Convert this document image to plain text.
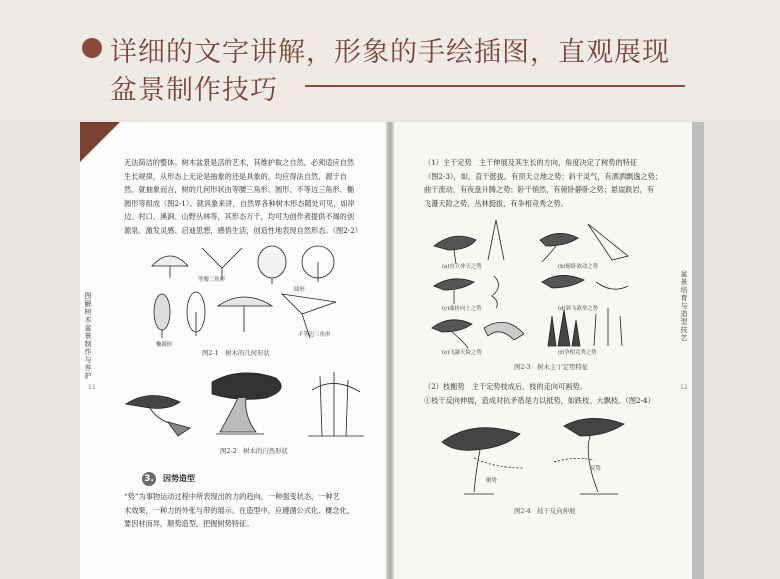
详细的文字讲解，形象的手绘插图，直观展现
盆景制作技巧
图解树木盆景制作与养护
11
无法简洁的整体。树木盆景是活的艺术，其维护取之自然，必须适应自然
生长规律，从形态上无论是抽象的还是具象的，均应得法自然，源于自
然。就抽象而言，树的几何形状由等腰三角形、圆形、不等边三角形、椭
圆形等组成（图2-1）。就具象来讲，自然界各种树木形态随处可见，如岸
边、村口、溪涧、山野丛林等，其形态万千，均可为创作者提供不竭的创
源泉。激发灵感、启迪思想，感悟生活，创造性地表现自然形态。（图2-2）
等腰三角形
圆形
椭圆形
不等边三角形
图2-1　树木的几何形状
图2-2　树木的自然形状
3. 因势造型
“势”为事物运动过程中所表现出的力的趋向，一种强变状态，一种艺
术效果，一种力的外张与带的展示。在造型中，应遵循公式化、概念化，
要因材而异，顺势造型，把握树势特征。
盆景培育与造型技艺
12
（1）主干定势　主干伸展及其生长的方向，角度决定了树势的特征
（图2-3），如，直干挺拔，有顶天立地之势；斜干灵气，有洒洒飘逸之势；
曲干流动，有夜盘升腾之势；卧干悄然，有俯卧静卧之势；悬崖跌岩，有
飞瀑天险之势，丛林挺拔，有争相竞秀之势。
(a)直立冲天之势	(b)俯卧欲动之势
(c)曲折向上之势	(d)斜飞欲举之势
(e)飞瀑天险之势	(f)争相竞秀之势
图2-3　树木主干定势特征
（2）枝衡势　主干定势枝成后，枝的走向可画势。
①枝干反向伸展，造成对抗矛盾是力以抵势，如跌枝、大飘枝。（图2-4）
顺势
反势
图2-4　枝干反向伸展
